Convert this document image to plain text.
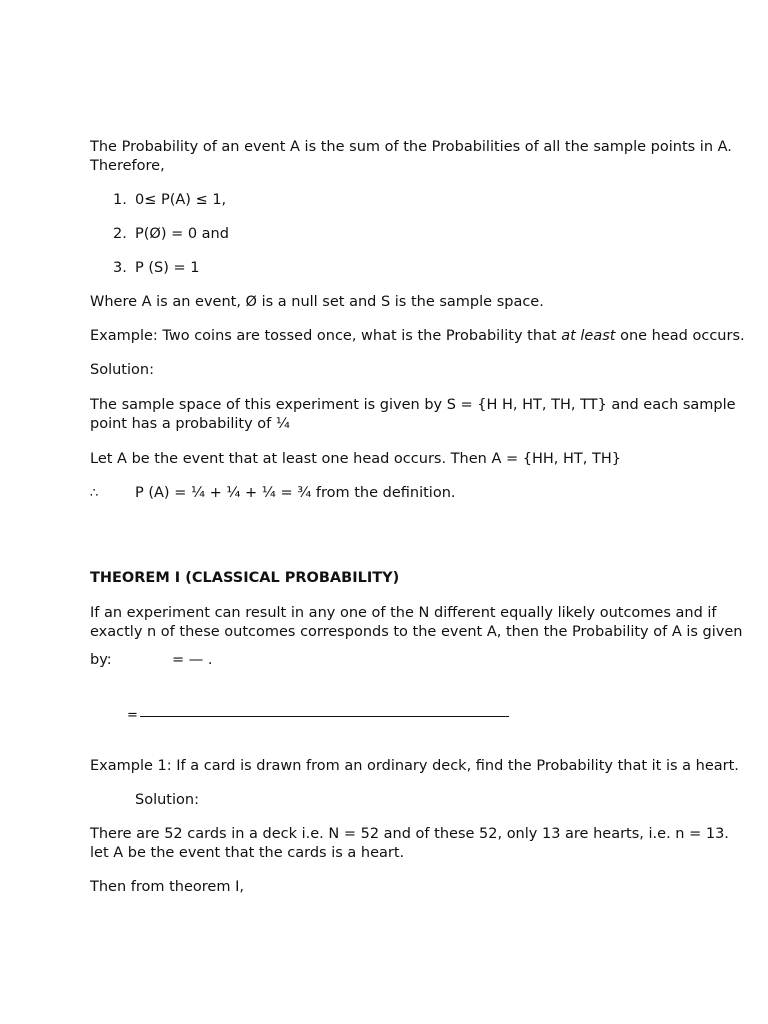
The Probability of an event A is the sum of the Probabilities of all the sample points in A.
Therefore,
1. 0≤ P(A) ≤ 1,
2. P(Ø) = 0 and
3. P (S) = 1
Where A is an event, Ø is a null set and S is the sample space.
Example: Two coins are tossed once, what is the Probability that at least one head occurs.
Solution:
The sample space of this experiment is given by S = {H H, HT, TH, TT} and each sample
point has a probability of ¼
Let A be the event that at least one head occurs. Then A = {HH, HT, TH}
∴ P (A) = ¼ + ¼ + ¼ = ¾ from the definition.
THEOREM I (CLASSICAL PROBABILITY)
If an experiment can result in any one of the N different equally likely outcomes and if
exactly n of these outcomes corresponds to the event A, then the Probability of A is given
by:	= — .
=
Example 1: If a card is drawn from an ordinary deck, find the Probability that it is a heart.
Solution:
There are 52 cards in a deck i.e. N = 52 and of these 52, only 13 are hearts, i.e. n = 13.
let A be the event that the cards is a heart.
Then from theorem I,
